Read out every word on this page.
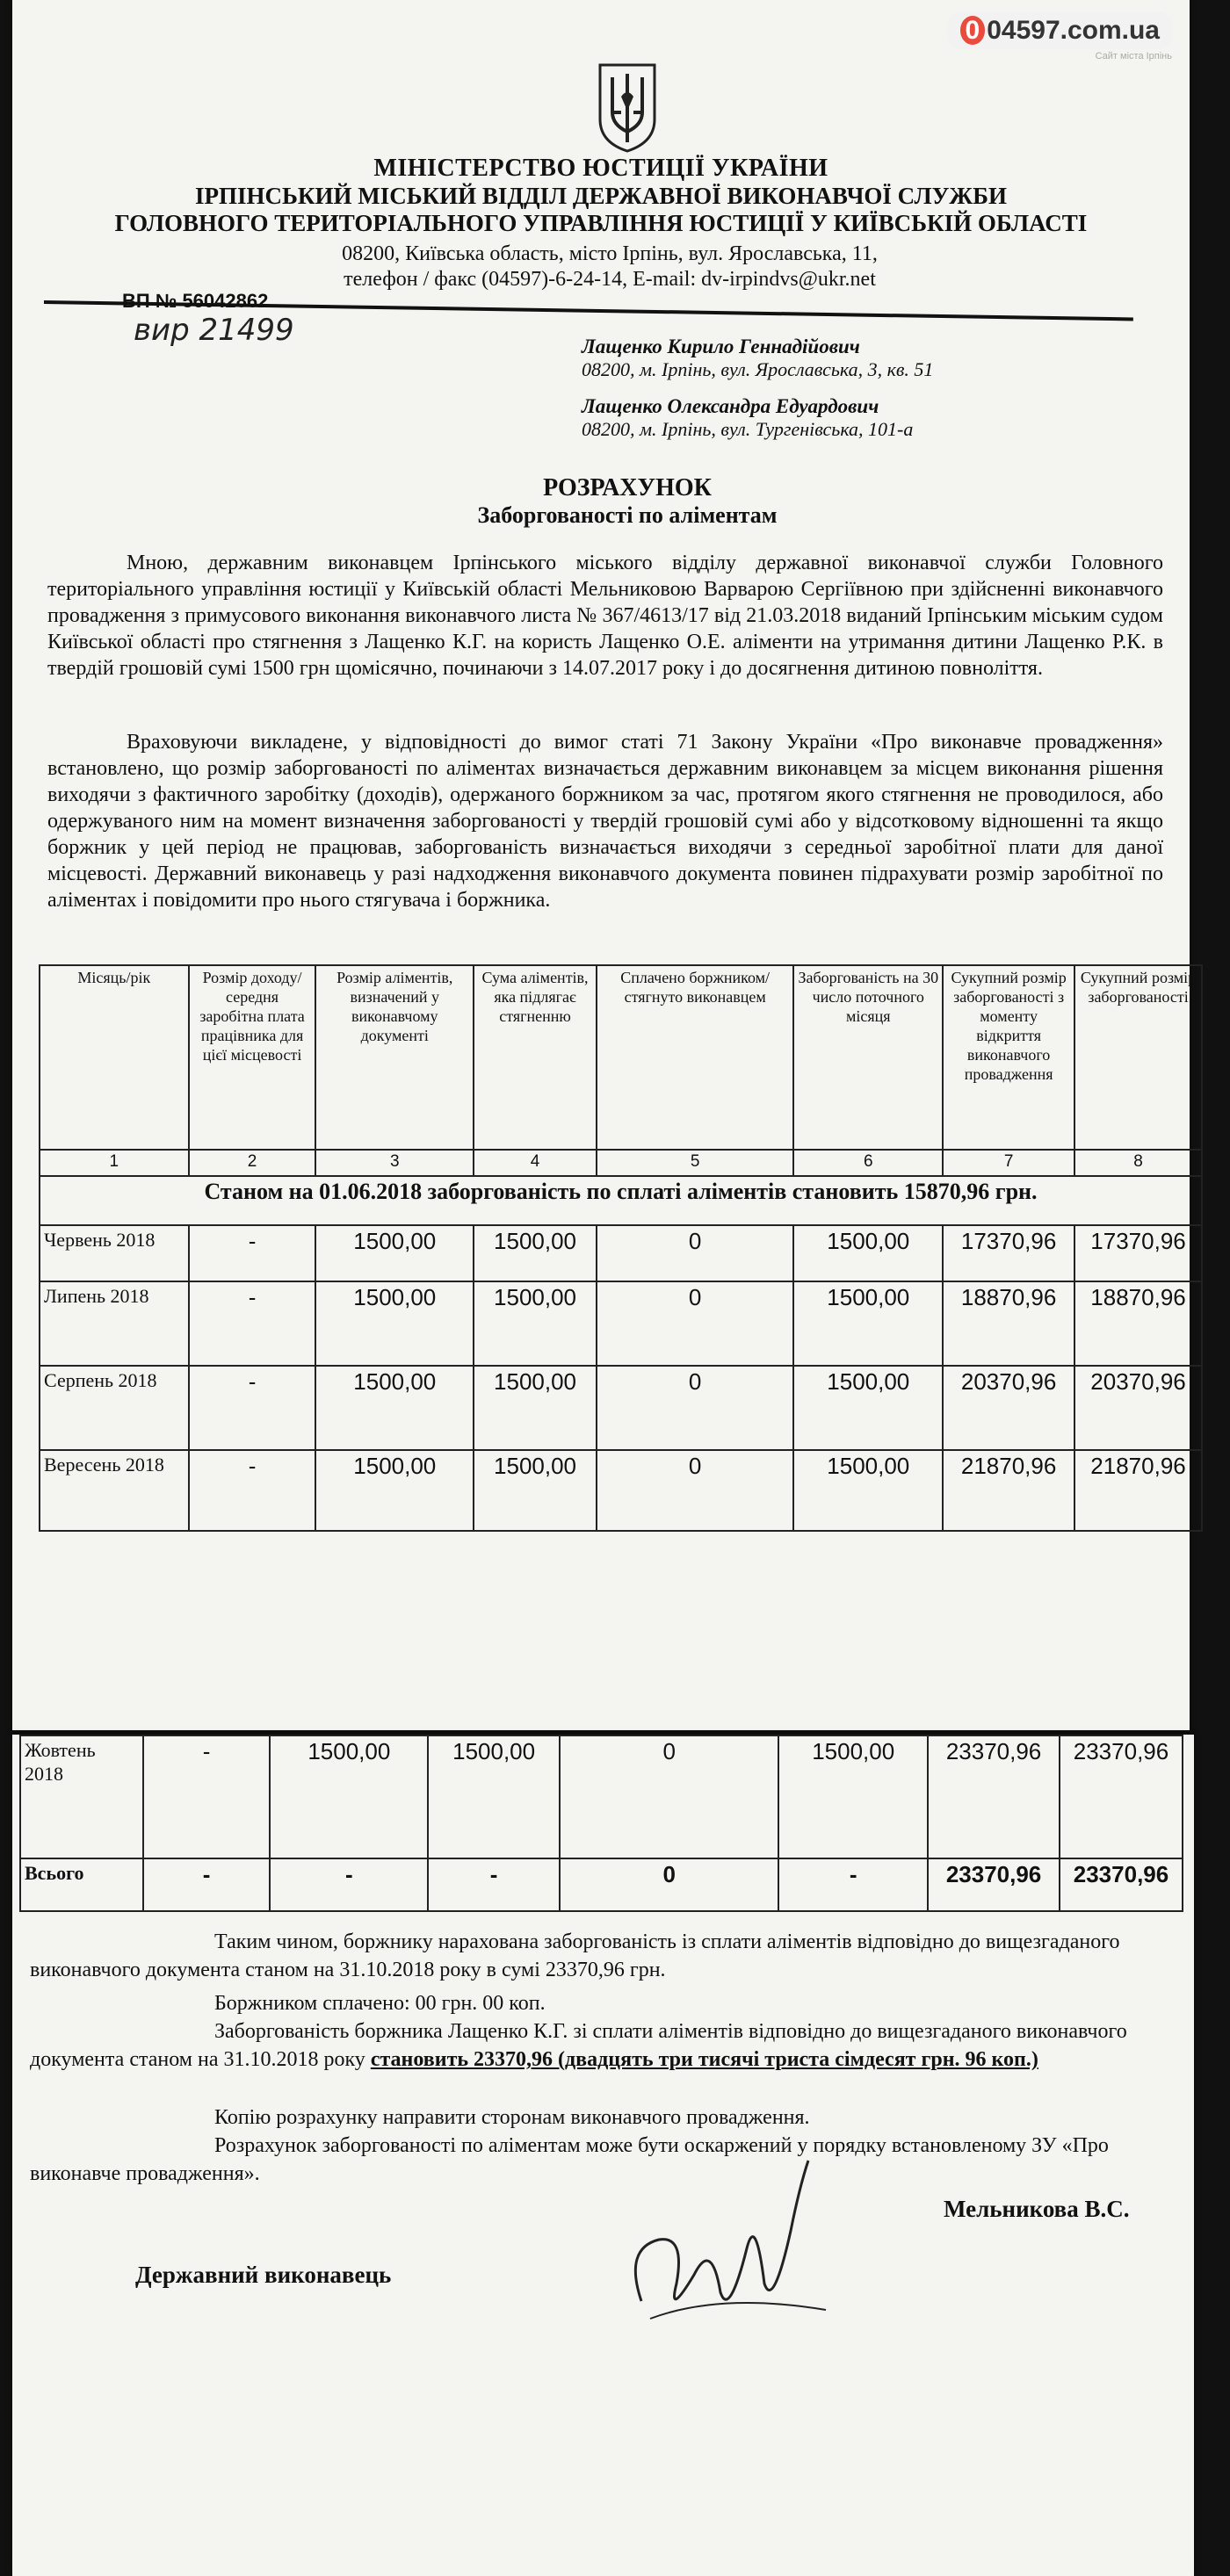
0 04597.com.ua
Сайт міста Ірпінь
МІНІСТЕРСТВО ЮСТИЦІЇ УКРАЇНИ
ІРПІНСЬКИЙ МІСЬКИЙ ВІДДІЛ ДЕРЖАВНОЇ ВИКОНАВЧОЇ СЛУЖБИ
ГОЛОВНОГО ТЕРИТОРІАЛЬНОГО УПРАВЛІННЯ ЮСТИЦІЇ У КИЇВСЬКІЙ ОБЛАСТІ
08200, Київська область, місто Ірпінь, вул. Ярославська, 11,
телефон / факс (04597)-6-24-14, E-mail: dv-irpindvs@ukr.net
ВП № 56042862
вир 21499	Лащенко Кирило Геннадійович
08200, м. Ірпінь, вул. Ярославська, 3, кв. 51
Лащенко Олександра Едуардович
08200, м. Ірпінь, вул. Тургенівська, 101-а
РОЗРАХУНОК
Заборгованості по аліментам
Мною, державним виконавцем Ірпінського міського відділу державної виконавчої служби Головного територіального управління юстиції у Київській області Мельниковою Варварою Сергіївною при здійсненні виконавчого провадження з примусового виконання виконавчого листа № 367/4613/17 від 21.03.2018 виданий Ірпінським міським судом Київської області про стягнення з Лащенко К.Г. на користь Лащенко О.Е. аліменти на утримання дитини Лащенко Р.К. в твердій грошовій сумі 1500 грн щомісячно, починаючи з 14.07.2017 року і до досягнення дитиною повноліття.
Враховуючи викладене, у відповідності до вимог статі 71 Закону України «Про виконавче провадження» встановлено, що розмір заборгованості по аліментах визначається державним виконавцем за місцем виконання рішення виходячи з фактичного заробітку (доходів), одержаного боржником за час, протягом якого стягнення не проводилося, або одержуваного ним на момент визначення заборгованості у твердій грошовій сумі або у відсотковому відношенні та якщо боржник у цей період не працював, заборгованість визначається виходячи з середньої заробітної плати для даної місцевості. Державний виконавець у разі надходження виконавчого документа повинен підрахувати розмір заробітної по аліментах і повідомити про нього стягувача і боржника.
Місяць/рік	Розмір доходу/ середня заробітна плата працівника для цієї місцевості	Розмір аліментів, визначений у виконавчому документі	Сума аліментів, яка підлягає стягненню	Сплачено боржником/стягнуто виконавцем	Заборгованість на 30 число поточного місяця	Сукупний розмір заборгованості з моменту відкриття виконавчого провадження	Сукупний розмір заборгованості
1	2	3	4	5	6	7	8
Станом на 01.06.2018 заборгованість по сплаті аліментів становить 15870,96 грн.							
Червень 2018	-	1500,00	1500,00	0	1500,00	17370,96	17370,96
Липень 2018	-	1500,00	1500,00	0	1500,00	18870,96	18870,96
Серпень 2018	-	1500,00	1500,00	0	1500,00	20370,96	20370,96
Вересень 2018	-	1500,00	1500,00	0	1500,00	21870,96	21870,96
Жовтень 2018	-	1500,00	1500,00	0	1500,00	23370,96	23370,96
Всього	-	-	-	0	-	23370,96	23370,96
Таким чином, боржнику нарахована заборгованість із сплати аліментів відповідно до вищезгаданого виконавчого документа станом на 31.10.2018 року в сумі 23370,96 грн.
Боржником сплачено: 00 грн. 00 коп.
Заборгованість боржника Лащенко К.Г. зі сплати аліментів відповідно до вищезгаданого виконавчого документа станом на 31.10.2018 року становить 23370,96 (двадцять три тисячі триста сімдесят грн. 96 коп.)
Копію розрахунку направити сторонам виконавчого провадження.
Розрахунок заборгованості по аліментам може бути оскаржений у порядку встановленому ЗУ «Про виконавче провадження».
Мельникова В.С.
Державний виконавець
